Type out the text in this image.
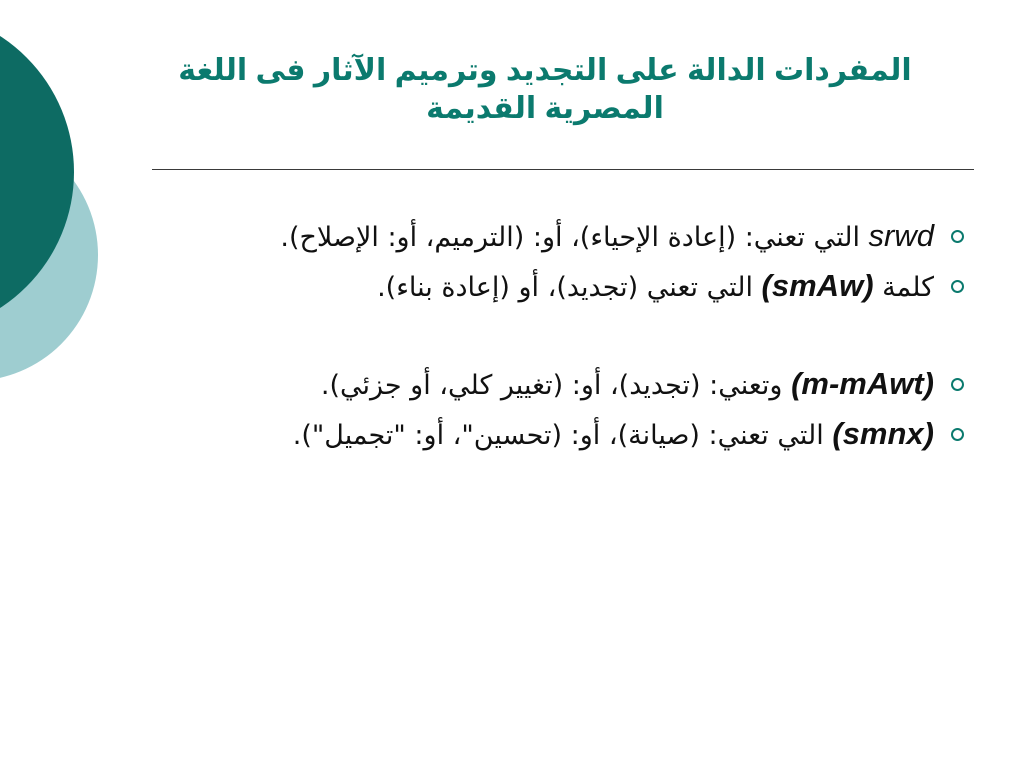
المفردات الدالة على التجديد وترميم الآثار فى اللغة
المصرية القديمة
srwd التي تعني: (إعادة الإحياء)، أو: (الترميم، أو: الإصلاح).
كلمة (smAw) التي تعني (تجديد)، أو (إعادة بناء).
(m-mAwt) وتعني: (تجديد)، أو: (تغيير كلي، أو جزئي).
(smnx) التي تعني: (صيانة)، أو: (تحسين"، أو: "تجميل").
